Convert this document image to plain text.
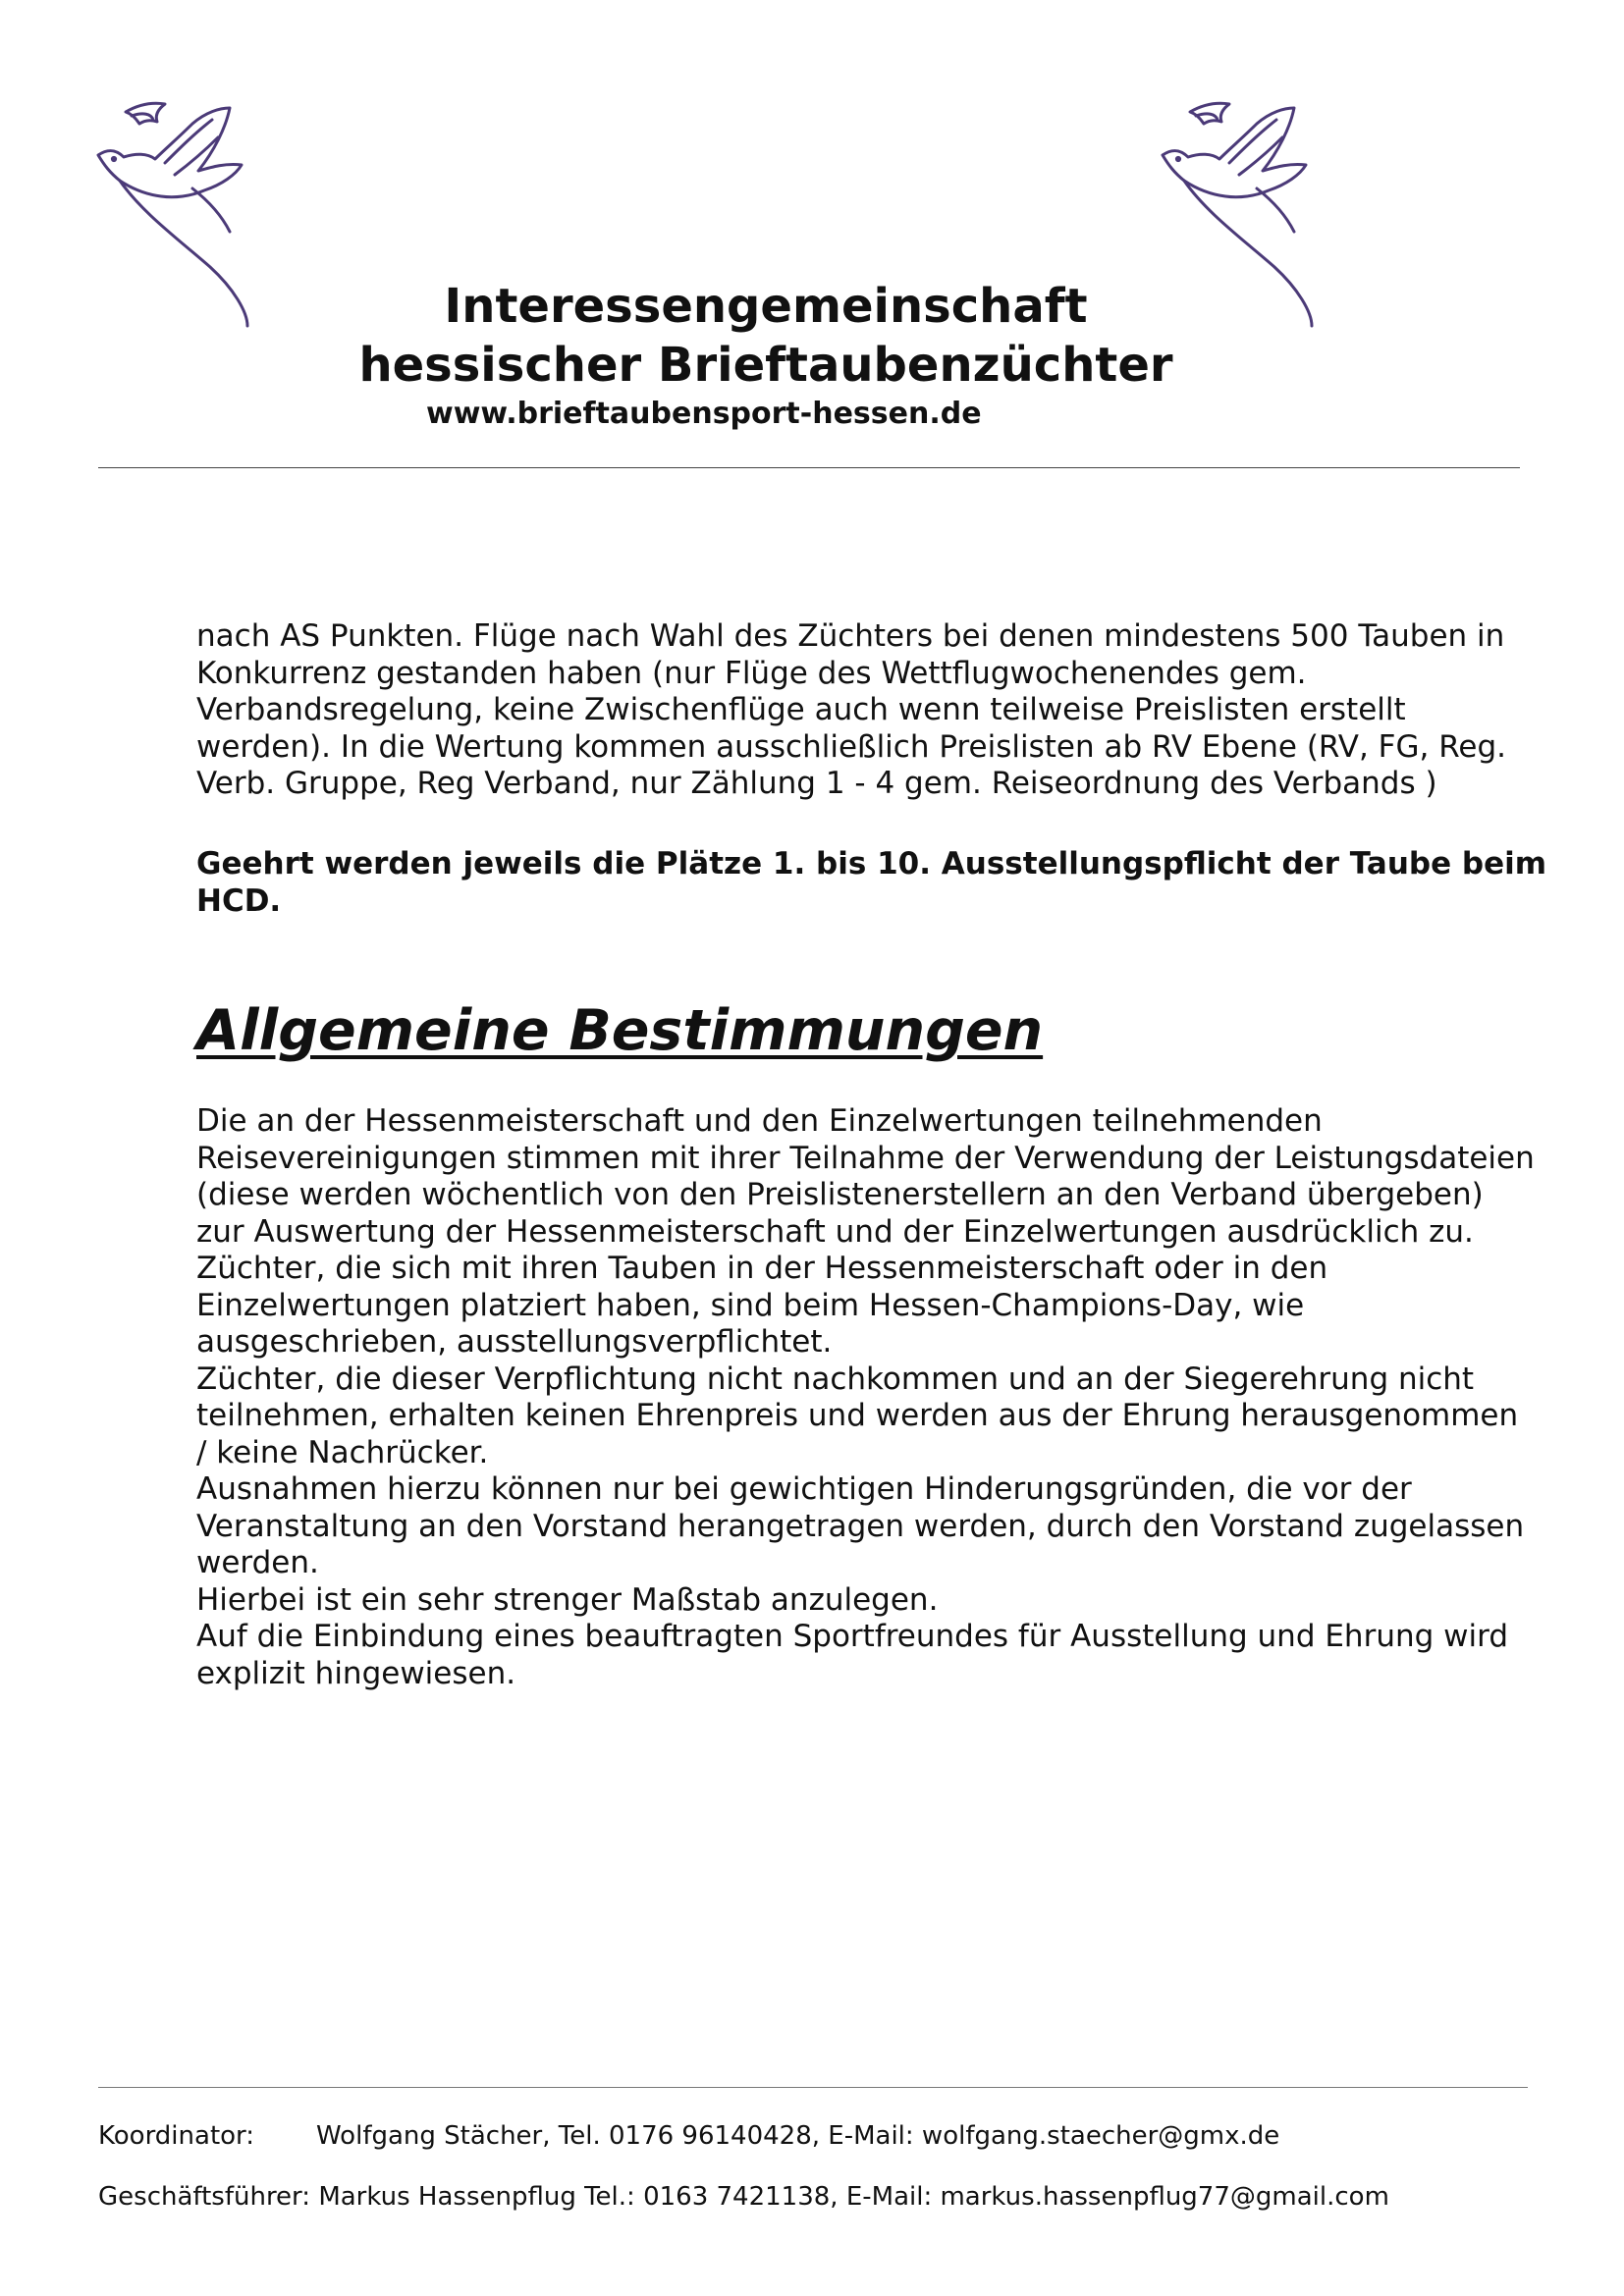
Interessengemeinschaft
hessischer Brieftaubenzüchter
www.brieftaubensport-hessen.de

nach AS Punkten. Flüge nach Wahl des Züchters bei denen mindestens 500 Tauben in
Konkurrenz gestanden haben (nur Flüge des Wettflugwochenendes gem.
Verbandsregelung, keine Zwischenflüge auch wenn teilweise Preislisten erstellt
werden). In die Wertung kommen ausschließlich Preislisten ab RV Ebene (RV, FG, Reg.
Verb. Gruppe, Reg Verband, nur Zählung 1 - 4 gem. Reiseordnung des Verbands )

Geehrt werden jeweils die Plätze 1. bis 10. Ausstellungspflicht der Taube beim
HCD.

Allgemeine Bestimmungen

Die an der Hessenmeisterschaft und den Einzelwertungen teilnehmenden
Reisevereinigungen stimmen mit ihrer Teilnahme der Verwendung der Leistungsdateien
(diese werden wöchentlich von den Preislistenerstellern an den Verband übergeben)
zur Auswertung der Hessenmeisterschaft und der Einzelwertungen ausdrücklich zu.
Züchter, die sich mit ihren Tauben in der Hessenmeisterschaft oder in den
Einzelwertungen platziert haben, sind beim Hessen-Champions-Day, wie
ausgeschrieben, ausstellungsverpflichtet.
Züchter, die dieser Verpflichtung nicht nachkommen und an der Siegerehrung nicht
teilnehmen, erhalten keinen Ehrenpreis und werden aus der Ehrung herausgenommen
/ keine Nachrücker.
Ausnahmen hierzu können nur bei gewichtigen Hinderungsgründen, die vor der
Veranstaltung an den Vorstand herangetragen werden, durch den Vorstand zugelassen
werden.
Hierbei ist ein sehr strenger Maßstab anzulegen.
Auf die Einbindung eines beauftragten Sportfreundes für Ausstellung und Ehrung wird
explizit hingewiesen.

Koordinator: Wolfgang Stächer, Tel. 0176 96140428, E-Mail: wolfgang.staecher@gmx.de
Geschäftsführer: Markus Hassenpflug Tel.: 0163 7421138, E-Mail: markus.hassenpflug77@gmail.com
